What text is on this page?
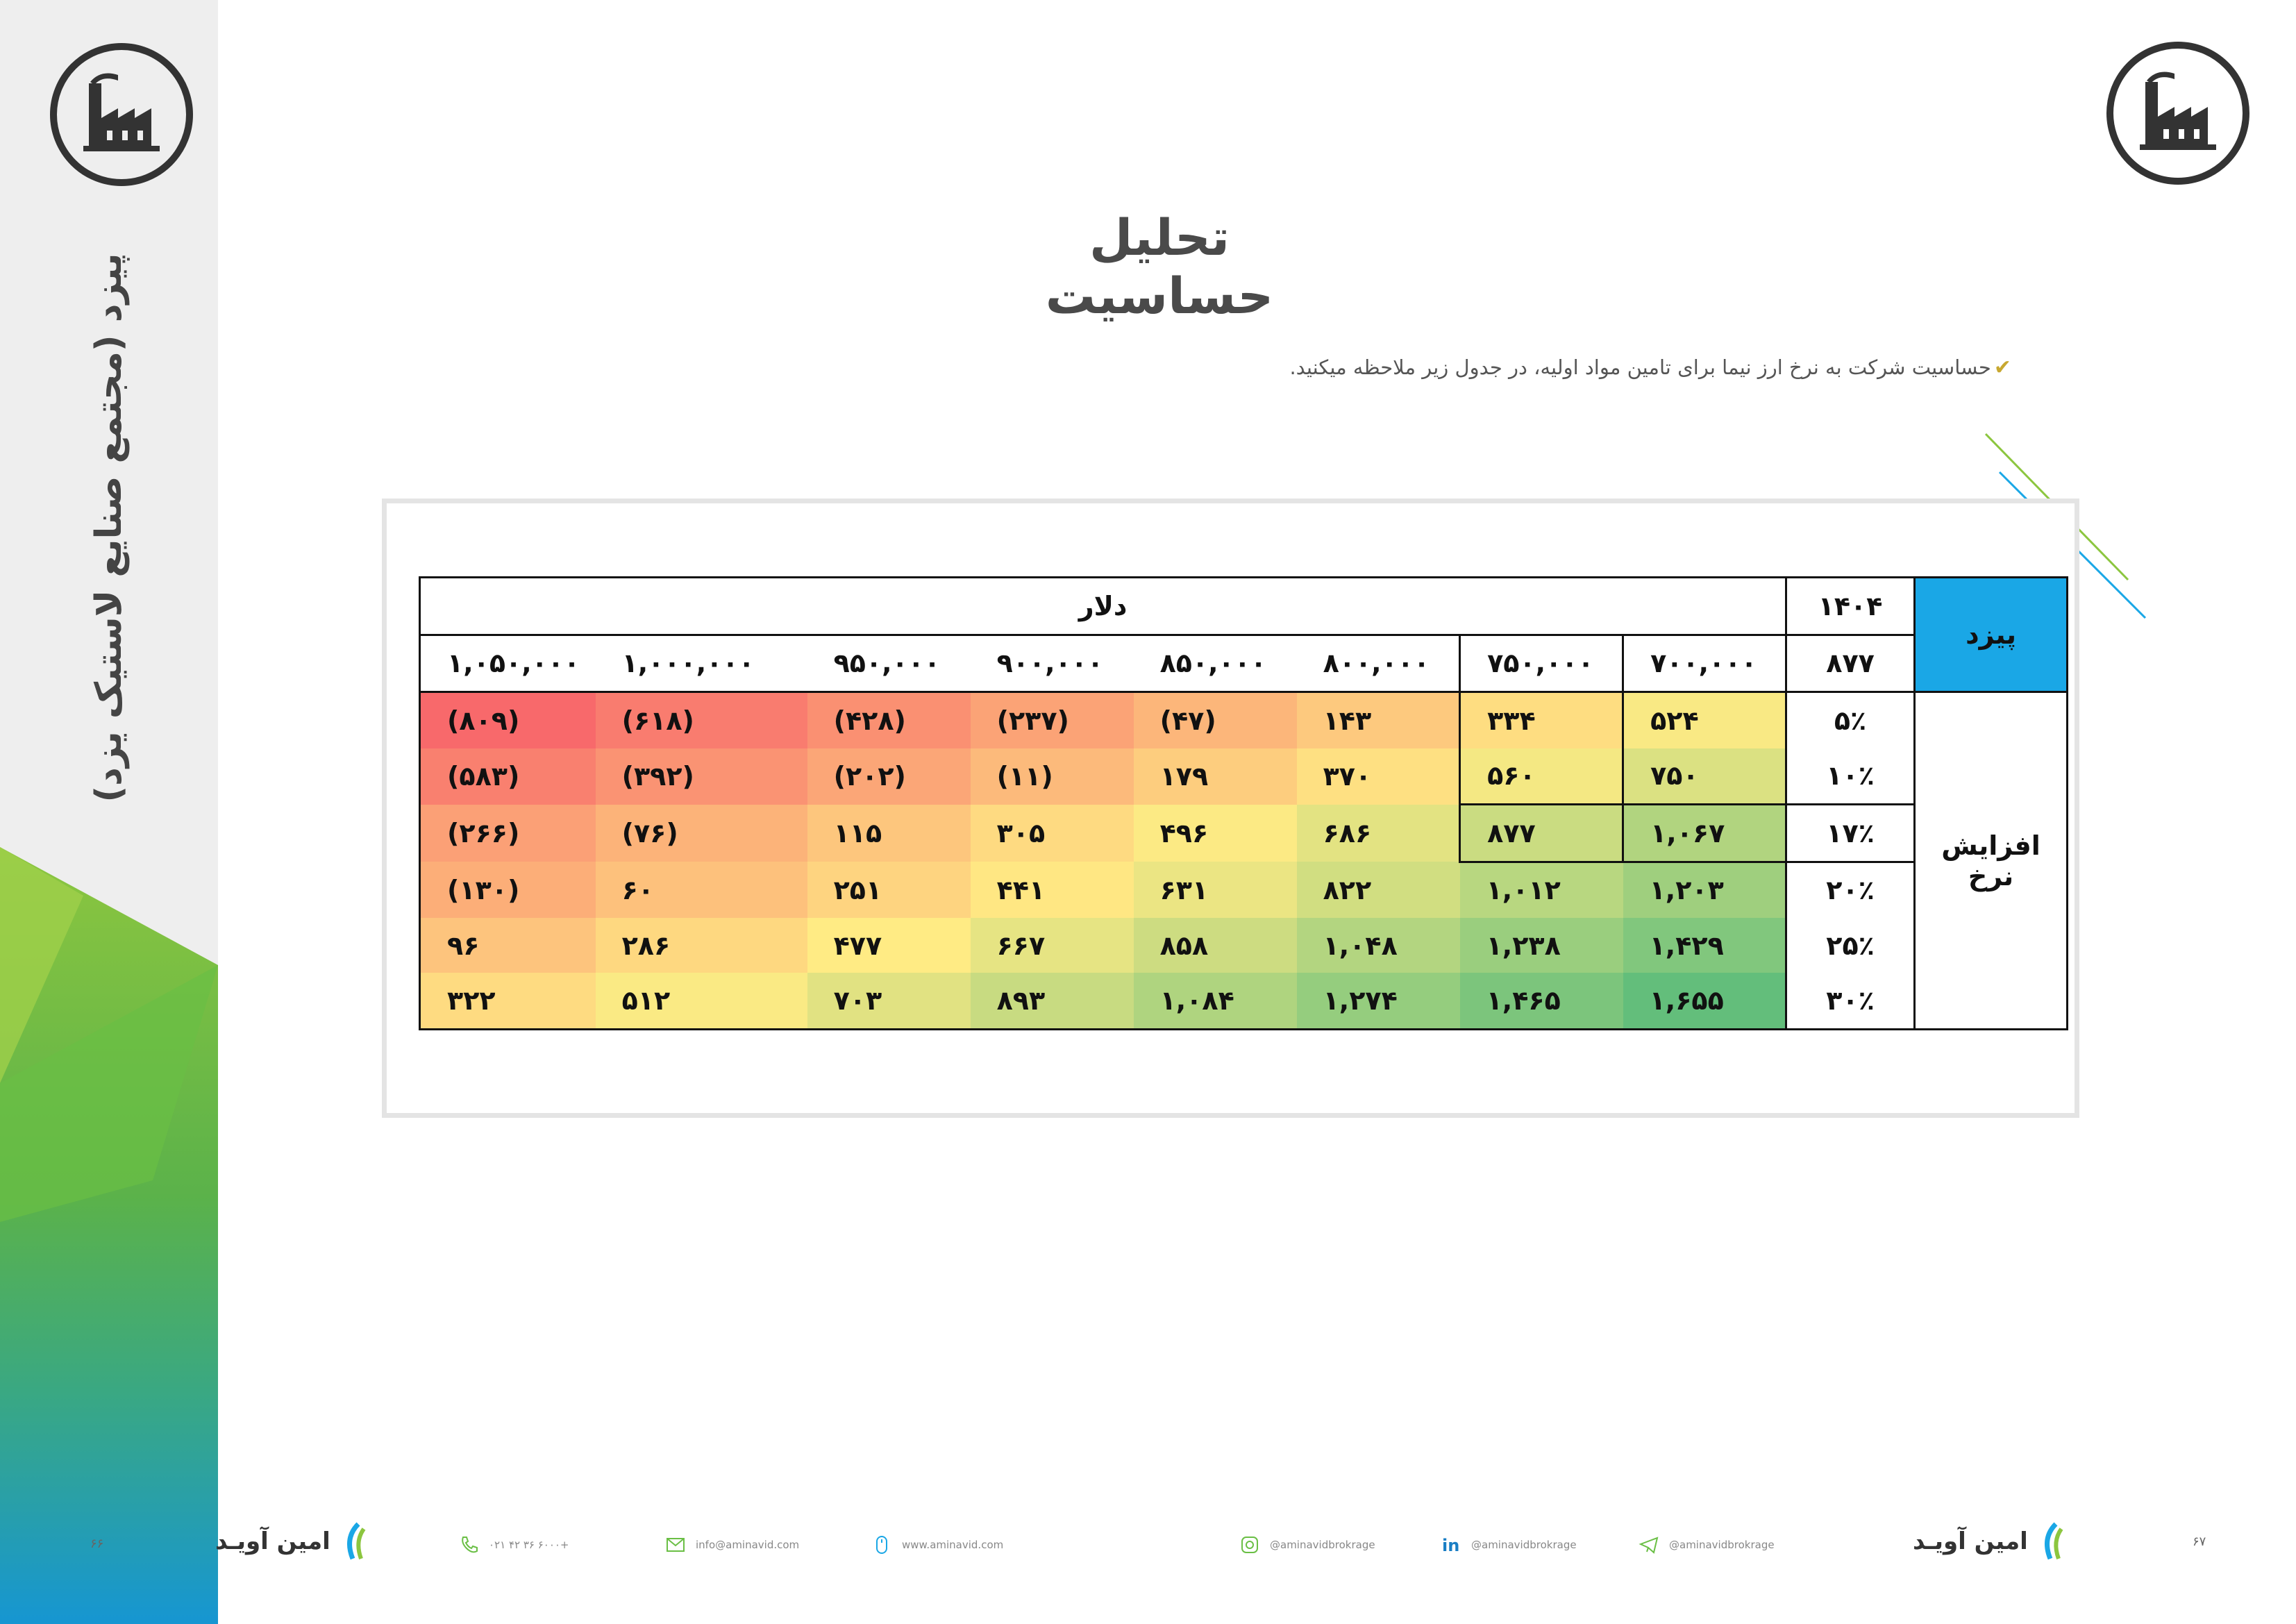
پیزد (مجتمع صنایع لاستیک یزد)
۶۶
تحلیل حساسیت
✔حساسیت شرکت به نرخ ارز نیما برای تامین مواد اولیه، در جدول زیر ملاحظه میکنید.
پیزد	۱۴۰۴	دلار							
	۸۷۷	۷۰۰,۰۰۰	۷۵۰,۰۰۰	۸۰۰,۰۰۰	۸۵۰,۰۰۰	۹۰۰,۰۰۰	۹۵۰,۰۰۰	۱,۰۰۰,۰۰۰	۱,۰۵۰,۰۰۰
افزایش نرخ	۵٪	۵۲۴	۳۳۴	۱۴۳	(۴۷)	(۲۳۷)	(۴۲۸)	(۶۱۸)	(۸۰۹)
	۱۰٪	۷۵۰	۵۶۰	۳۷۰	۱۷۹	(۱۱)	(۲۰۲)	(۳۹۲)	(۵۸۳)
	۱۷٪	۱,۰۶۷	۸۷۷	۶۸۶	۴۹۶	۳۰۵	۱۱۵	(۷۶)	(۲۶۶)
	۲۰٪	۱,۲۰۳	۱,۰۱۲	۸۲۲	۶۳۱	۴۴۱	۲۵۱	۶۰	(۱۳۰)
	۲۵٪	۱,۴۲۹	۱,۲۳۸	۱,۰۴۸	۸۵۸	۶۶۷	۴۷۷	۲۸۶	۹۶
	۳۰٪	۱,۶۵۵	۱,۴۶۵	۱,۲۷۴	۱,۰۸۴	۸۹۳	۷۰۳	۵۱۲	۳۲۲
امین آویـد	۰۲۱ ۴۲ ۳۶ ۶۰۰۰+	info@aminavid.com	www.aminavid.com	@aminavidbrokrage	in @aminavidbrokrage	@aminavidbrokrage	امین آویـد	۶۷
